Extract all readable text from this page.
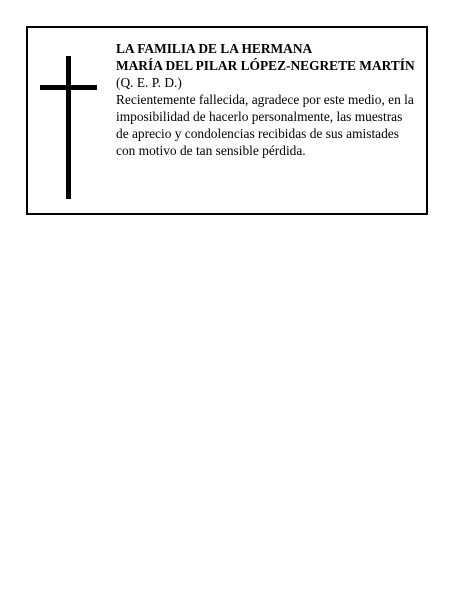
LA FAMILIA DE LA HERMANA
MARÍA DEL PILAR LÓPEZ-NEGRETE MARTÍN
(Q. E. P. D.)
Recientemente fallecida, agradece por este medio, en la
imposibilidad de hacerlo personalmente, las muestras
de aprecio y condolencias recibidas de sus amistades
con motivo de tan sensible pérdida.
